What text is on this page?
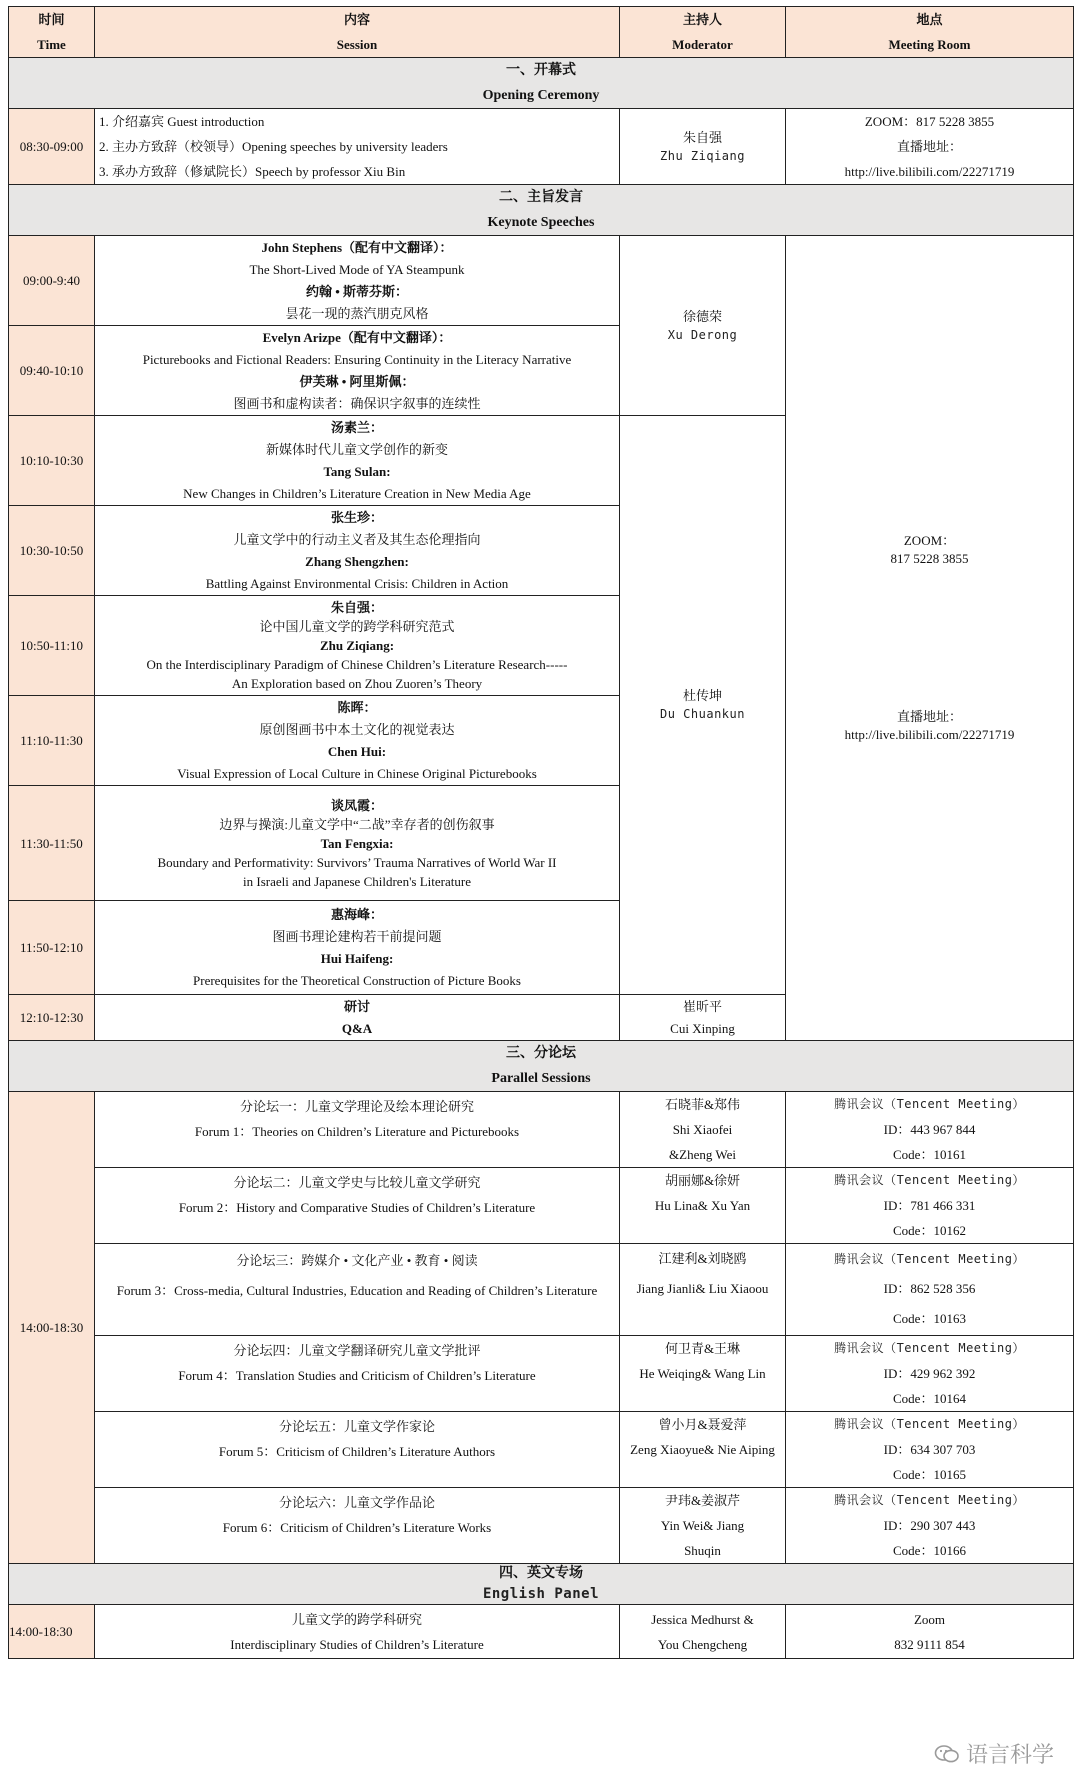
时间
Time	内容
Session	主持人
Moderator	地点
Meeting Room

一、开幕式
Opening Ceremony			

08:30-09:00	1. 介绍嘉宾 Guest introduction
2. 主办方致辞（校领导）Opening speeches by university leaders
3. 承办方致辞（修斌院长）Speech by professor Xiu Bin	朱自强
Zhu Ziqiang	ZOOM：817 5228 3855
直播地址：
http://live.bilibili.com/22271719

二、主旨发言
Keynote Speeches			

09:00-9:40	John Stephens（配有中文翻译）：
The Short-Lived Mode of YA Steampunk
约翰 • 斯蒂芬斯：
昙花一现的蒸汽朋克风格	徐德荣
Xu Derong	ZOOM：
817 5228 3855
直播地址：
http://live.bilibili.com/22271719

09:40-10:10	Evelyn Arizpe（配有中文翻译）：
Picturebooks and Fictional Readers: Ensuring Continuity in the Literacy Narrative
伊芙琳 • 阿里斯佩：
图画书和虚构读者：确保识字叙事的连续性		

10:10-10:30	汤素兰：
新媒体时代儿童文学创作的新变
Tang Sulan:
New Changes in Children’s Literature Creation in New Media Age	杜传坤
Du Chuankun	

10:30-10:50	张生珍：
儿童文学中的行动主义者及其生态伦理指向
Zhang Shengzhen:
Battling Against Environmental Crisis: Children in Action		

10:50-11:10	朱自强：
论中国儿童文学的跨学科研究范式
Zhu Ziqiang:
On the Interdisciplinary Paradigm of Chinese Children’s Literature Research-----
An Exploration based on Zhou Zuoren’s Theory		

11:10-11:30	陈晖：
原创图画书中本土文化的视觉表达
Chen Hui:
Visual Expression of Local Culture in Chinese Original Picturebooks		

11:30-11:50	谈凤霞：
边界与操演:儿童文学中“二战”幸存者的创伤叙事
Tan Fengxia:
Boundary and Performativity: Survivors’ Trauma Narratives of World War II
in Israeli and Japanese Children's Literature		

11:50-12:10	惠海峰：
图画书理论建构若干前提问题
Hui Haifeng:
Prerequisites for the Theoretical Construction of Picture Books		

12:10-12:30	研讨
Q&A	崔昕平
Cui Xinping	

三、分论坛
Parallel Sessions			

14:00-18:30	分论坛一：儿童文学理论及绘本理论研究
Forum 1：Theories on Children’s Literature and Picturebooks	石晓菲&郑伟
Shi Xiaofei
&Zheng Wei	腾讯会议（Tencent Meeting）
ID：443 967 844
Code：10161

	分论坛二：儿童文学史与比较儿童文学研究
Forum 2：History and Comparative Studies of Children’s Literature	胡丽娜&徐妍
Hu Lina& Xu Yan	腾讯会议（Tencent Meeting）
ID：781 466 331
Code：10162

	分论坛三：跨媒介 • 文化产业 • 教育 • 阅读
Forum 3：Cross-media, Cultural Industries, Education and Reading of Children’s Literature	江建利&刘晓鸥
Jiang Jianli& Liu Xiaoou	腾讯会议（Tencent Meeting）
ID：862 528 356
Code：10163

	分论坛四：儿童文学翻译研究儿童文学批评
Forum 4：Translation Studies and Criticism of Children’s Literature	何卫青&王琳
He Weiqing& Wang Lin	腾讯会议（Tencent Meeting）
ID：429 962 392
Code：10164

	分论坛五：儿童文学作家论
Forum 5：Criticism of Children’s Literature Authors	曾小月&聂爱萍
Zeng Xiaoyue& Nie Aiping	腾讯会议（Tencent Meeting）
ID：634 307 703
Code：10165

	分论坛六：儿童文学作品论
Forum 6：Criticism of Children’s Literature Works	尹玮&姜淑芹
Yin Wei& Jiang
Shuqin	腾讯会议（Tencent Meeting）
ID：290 307 443
Code：10166

四、英文专场
English Panel			

14:00-18:30	儿童文学的跨学科研究
Interdisciplinary Studies of Children’s Literature	Jessica Medhurst &
You Chengcheng	Zoom
832 9111 854
语言科学
